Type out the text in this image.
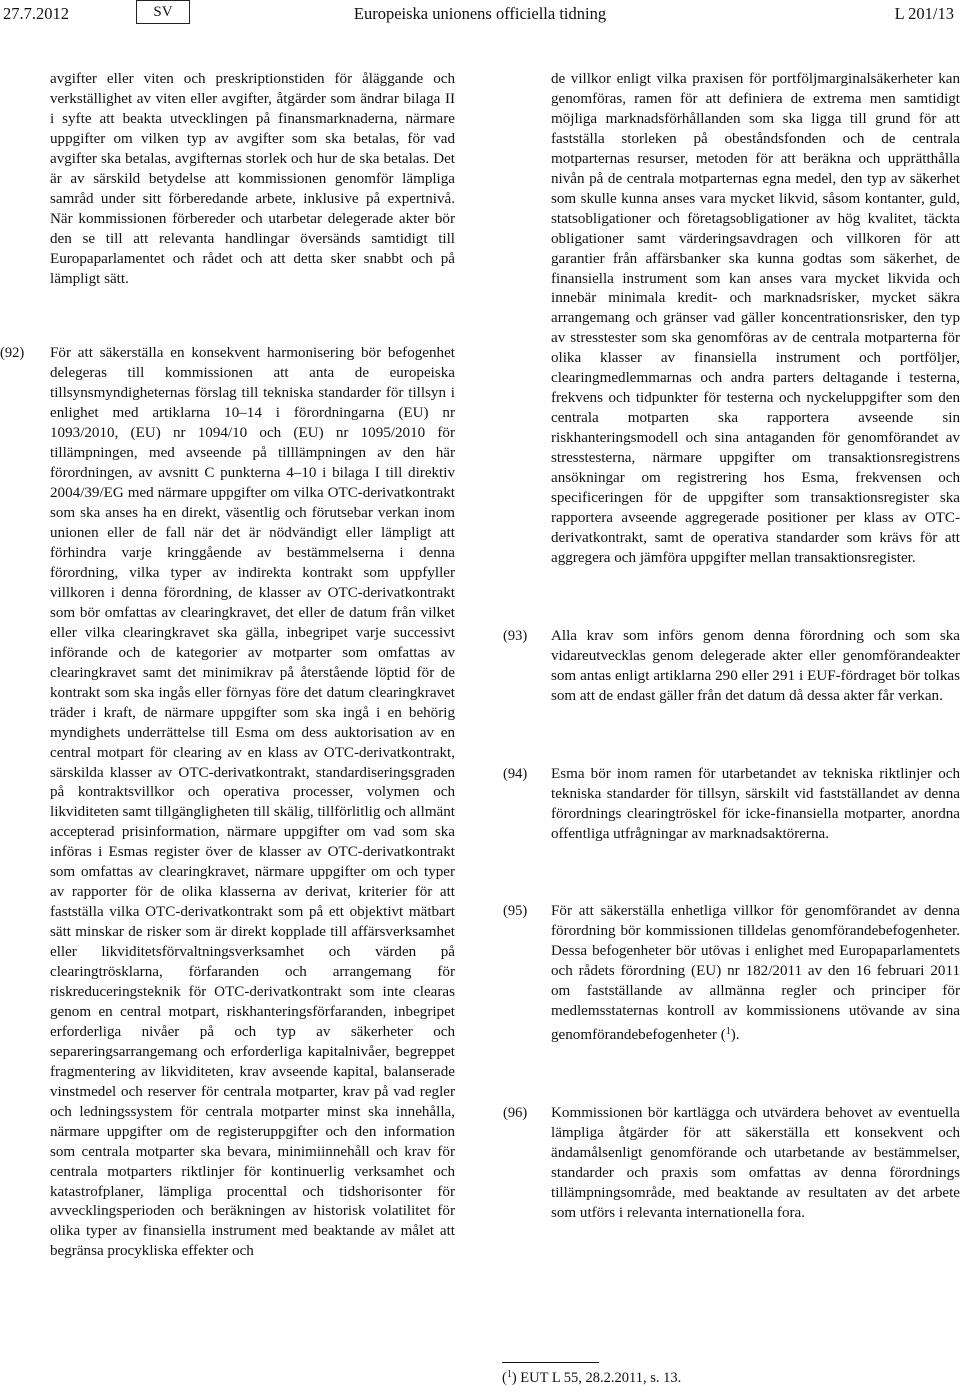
27.7.2012	Europeiska unionens officiella tidning
SV	L 201/13

avgifter eller viten och preskriptionstiden för åläggande och verkställighet av viten eller avgifter, åtgärder som ändrar bilaga II i syfte att beakta utvecklingen på finansmarknaderna, närmare uppgifter om vilken typ av avgifter som ska betalas, för vad avgifter ska betalas, avgifternas storlek och hur de ska betalas. Det är av särskild betydelse att kommissionen genomför lämpliga samråd under sitt förberedande arbete, inklusive på expertnivå. När kommissionen förbereder och utarbetar delegerade akter bör den se till att relevanta handlingar översänds samtidigt till Europaparlamentet och rådet och att detta sker snabbt och på lämpligt sätt.

(92) För att säkerställa en konsekvent harmonisering bör befogenhet delegeras till kommissionen att anta de europeiska tillsynsmyndigheternas förslag till tekniska standarder för tillsyn i enlighet med artiklarna 10–14 i förordningarna (EU) nr 1093/2010, (EU) nr 1094/10 och (EU) nr 1095/2010 för tillämpningen, med avseende på tilllämpningen av den här förordningen, av avsnitt C punkterna 4–10 i bilaga I till direktiv 2004/39/EG med närmare uppgifter om vilka OTC-derivatkontrakt som ska anses ha en direkt, väsentlig och förutsebar verkan inom unionen eller de fall när det är nödvändigt eller lämpligt att förhindra varje kringgående av bestämmelserna i denna förordning, vilka typer av indirekta kontrakt som uppfyller villkoren i denna förordning, de klasser av OTC-derivatkontrakt som bör omfattas av clearingkravet, det eller de datum från vilket eller vilka clearingkravet ska gälla, inbegripet varje successivt införande och de kategorier av motparter som omfattas av clearingkravet samt det minimikrav på återstående löptid för de kontrakt som ska ingås eller förnyas före det datum clearingkravet träder i kraft, de närmare uppgifter som ska ingå i en behörig myndighets underrättelse till Esma om dess auktorisation av en central motpart för clearing av en klass av OTC-derivatkontrakt, särskilda klasser av OTC-derivatkontrakt, standardiseringsgraden på kontraktsvillkor och operativa processer, volymen och likviditeten samt tillgängligheten till skälig, tillförlitlig och allmänt accepterad prisinformation, närmare uppgifter om vad som ska införas i Esmas register över de klasser av OTC-derivatkontrakt som omfattas av clearingkravet, närmare uppgifter om och typer av rapporter för de olika klasserna av derivat, kriterier för att fastställa vilka OTC-derivatkontrakt som på ett objektivt mätbart sätt minskar de risker som är direkt kopplade till affärsverksamhet eller likviditetsförvaltningsverksamhet och värden på clearingtrösklarna, förfaranden och arrangemang för riskreduceringsteknik för OTC-derivatkontrakt som inte clearas genom en central motpart, riskhanteringsförfaranden, inbegripet erforderliga nivåer på och typ av säkerheter och separeringsarrangemang och erforderliga kapitalnivåer, begreppet fragmentering av likviditeten, krav avseende kapital, balanserade vinstmedel och reserver för centrala motparter, krav på vad regler och ledningssystem för centrala motparter minst ska innehålla, närmare uppgifter om de registeruppgifter och den information som centrala motparter ska bevara, minimiinnehåll och krav för centrala motparters riktlinjer för kontinuerlig verksamhet och katastrofplaner, lämpliga procenttal och tidshorisonter för avvecklingsperioden och beräkningen av historisk volatilitet för olika typer av finansiella instrument med beaktande av målet att begränsa procykliska effekter och

de villkor enligt vilka praxisen för portföljmarginalsäkerheter kan genomföras, ramen för att definiera de extrema men samtidigt möjliga marknadsförhållanden som ska ligga till grund för att fastställa storleken på obeståndsfonden och de centrala motparternas resurser, metoden för att beräkna och upprätthålla nivån på de centrala motparternas egna medel, den typ av säkerhet som skulle kunna anses vara mycket likvid, såsom kontanter, guld, statsobligationer och företagsobligationer av hög kvalitet, täckta obligationer samt värderingsavdragen och villkoren för att garantier från affärsbanker ska kunna godtas som säkerhet, de finansiella instrument som kan anses vara mycket likvida och innebär minimala kredit- och marknadsrisker, mycket säkra arrangemang och gränser vad gäller koncentrationsrisker, den typ av stresstester som ska genomföras av de centrala motparterna för olika klasser av finansiella instrument och portföljer, clearingmedlemmarnas och andra parters deltagande i testerna, frekvens och tidpunkter för testerna och nyckeluppgifter som den centrala motparten ska rapportera avseende sin riskhanteringsmodell och sina antaganden för genomförandet av stresstesterna, närmare uppgifter om transaktionsregistrens ansökningar om registrering hos Esma, frekvensen och specificeringen för de uppgifter som transaktionsregister ska rapportera avseende aggregerade positioner per klass av OTC-derivatkontrakt, samt de operativa standarder som krävs för att aggregera och jämföra uppgifter mellan transaktionsregister.

(93) Alla krav som införs genom denna förordning och som ska vidareutvecklas genom delegerade akter eller genomförandeakter som antas enligt artiklarna 290 eller 291 i EUF-fördraget bör tolkas som att de endast gäller från det datum då dessa akter får verkan.

(94) Esma bör inom ramen för utarbetandet av tekniska riktlinjer och tekniska standarder för tillsyn, särskilt vid fastställandet av denna förordnings clearingtröskel för icke-finansiella motparter, anordna offentliga utfrågningar av marknadsaktörerna.

(95) För att säkerställa enhetliga villkor för genomförandet av denna förordning bör kommissionen tilldelas genomförandebefogenheter. Dessa befogenheter bör utövas i enlighet med Europaparlamentets och rådets förordning (EU) nr 182/2011 av den 16 februari 2011 om fastställande av allmänna regler och principer för medlemsstaternas kontroll av kommissionens utövande av sina genomförandebefogenheter ($^1$).

(96) Kommissionen bör kartlägga och utvärdera behovet av eventuella lämpliga åtgärder för att säkerställa ett konsekvent och ändamålsenligt genomförande och utarbetande av bestämmelser, standarder och praxis som omfattas av denna förordnings tillämpningsområde, med beaktande av resultaten av det arbete som utförs i relevanta internationella fora.

($^1$) EUT L 55, 28.2.2011, s. 13.
